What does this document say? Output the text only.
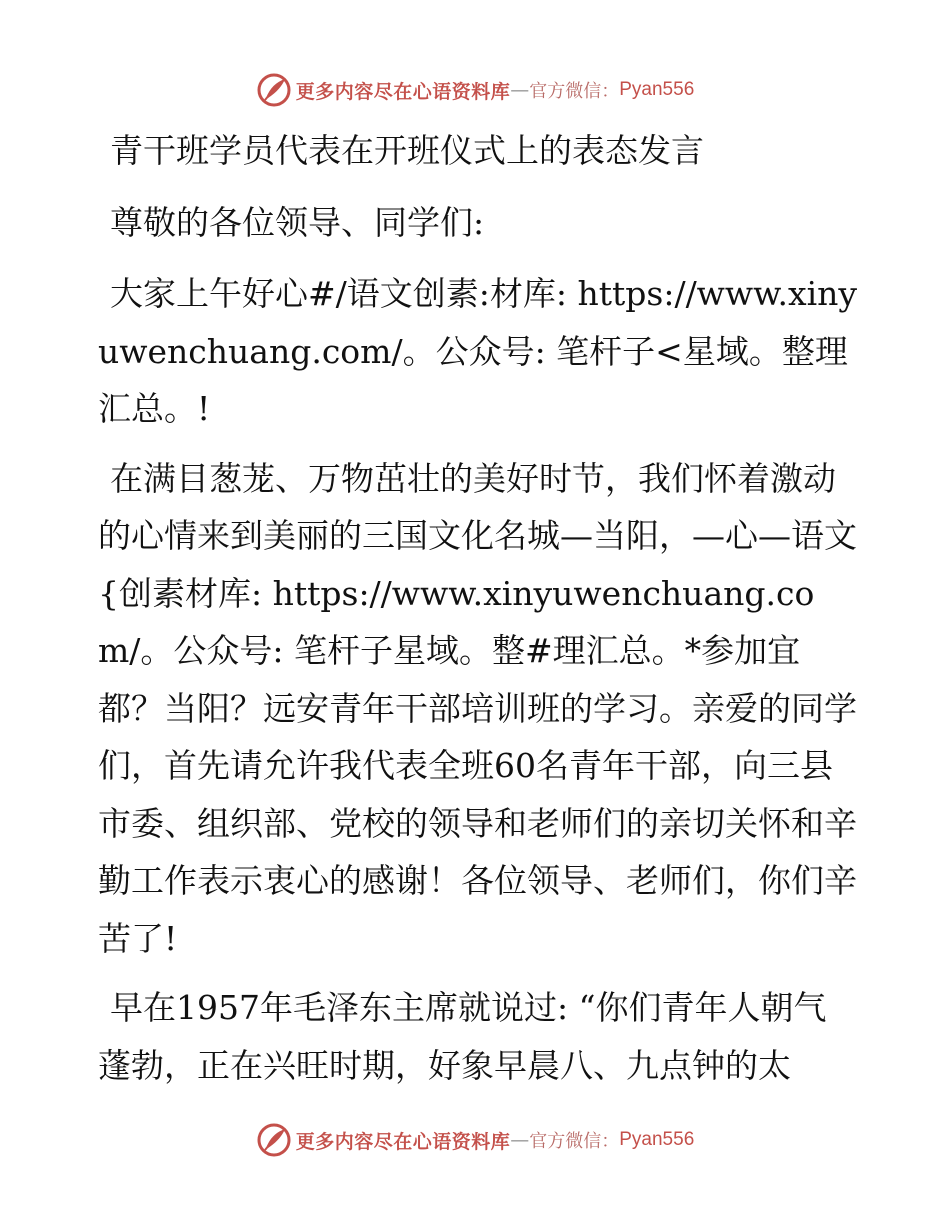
更多内容尽在心语资料库 — 官方微信： Pyan556

青干班学员代表在开班仪式上的表态发言

尊敬的各位领导、同学们:

大家上午好心#/语文创素:材库: https://www.xinyuwenchuang.com/。公众号: 笔杆子<星域。整理汇总。!

在满目葱茏、万物茁壮的美好时节，我们怀着激动的心情来到美丽的三国文化名城—当阳，—心—语文{创素材库: https://www.xinyuwenchuang.com/。公众号: 笔杆子星域。整#理汇总。*参加宜都？当阳？远安青年干部培训班的学习。亲爱的同学们，首先请允许我代表全班60名青年干部，向三县市委、组织部、党校的领导和老师们的亲切关怀和辛勤工作表示衷心的感谢！各位领导、老师们，你们辛苦了!

早在1957年毛泽东主席就说过: “你们青年人朝气蓬勃，正在兴旺时期，好象早晨八、九点钟的太

更多内容尽在心语资料库 — 官方微信： Pyan556
